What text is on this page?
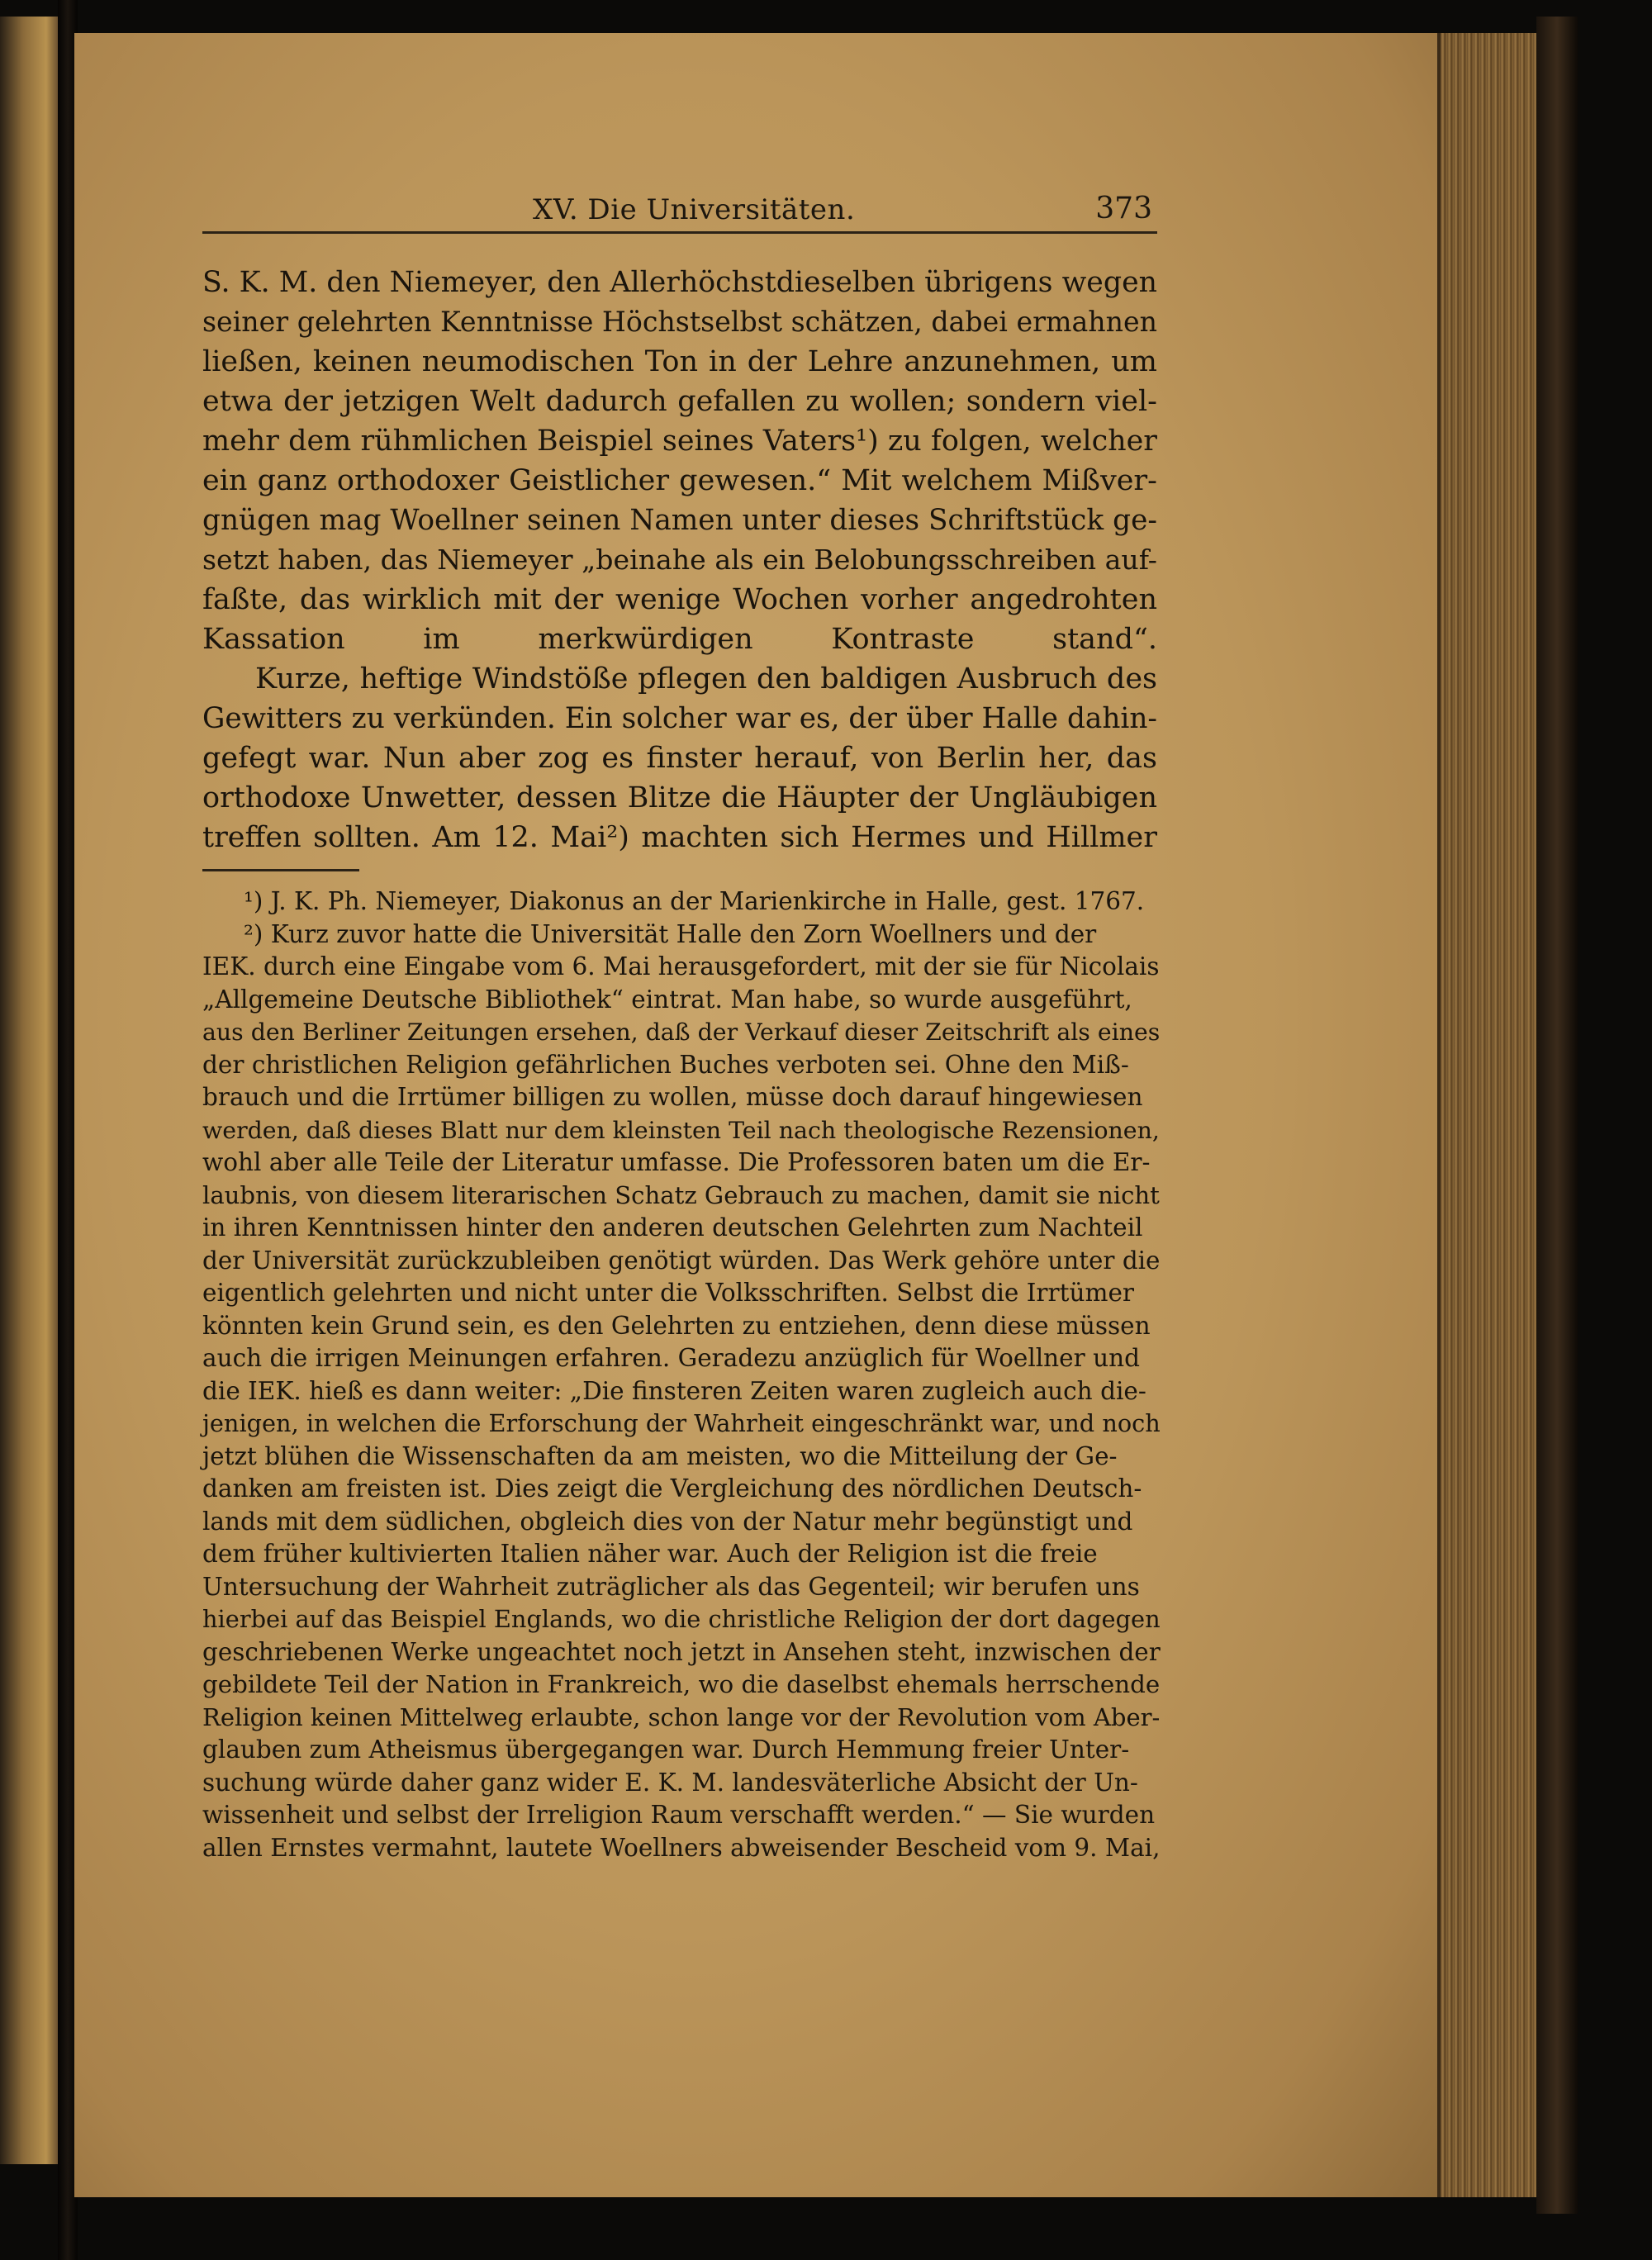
XV. Die Universitäten.	373

S. K. M. den Niemeyer, den Allerhöchstdieselben übrigens wegen
seiner gelehrten Kenntnisse Höchstselbst schätzen, dabei ermahnen
ließen, keinen neumodischen Ton in der Lehre anzunehmen, um
etwa der jetzigen Welt dadurch gefallen zu wollen; sondern viel-
mehr dem rühmlichen Beispiel seines Vaters¹) zu folgen, welcher
ein ganz orthodoxer Geistlicher gewesen.“ Mit welchem Mißver-
gnügen mag Woellner seinen Namen unter dieses Schriftstück ge-
setzt haben, das Niemeyer „beinahe als ein Belobungsschreiben auf-
faßte, das wirklich mit der wenige Wochen vorher angedrohten
Kassation im merkwürdigen Kontraste stand“.

Kurze, heftige Windstöße pflegen den baldigen Ausbruch des
Gewitters zu verkünden. Ein solcher war es, der über Halle dahin-
gefegt war. Nun aber zog es finster herauf, von Berlin her, das
orthodoxe Unwetter, dessen Blitze die Häupter der Ungläubigen
treffen sollten. Am 12. Mai²) machten sich Hermes und Hillmer

¹) J. K. Ph. Niemeyer, Diakonus an der Marienkirche in Halle, gest. 1767.
²) Kurz zuvor hatte die Universität Halle den Zorn Woellners und der
IEK. durch eine Eingabe vom 6. Mai herausgefordert, mit der sie für Nicolais
„Allgemeine Deutsche Bibliothek“ eintrat. Man habe, so wurde ausgeführt,
aus den Berliner Zeitungen ersehen, daß der Verkauf dieser Zeitschrift als eines
der christlichen Religion gefährlichen Buches verboten sei. Ohne den Miß-
brauch und die Irrtümer billigen zu wollen, müsse doch darauf hingewiesen
werden, daß dieses Blatt nur dem kleinsten Teil nach theologische Rezensionen,
wohl aber alle Teile der Literatur umfasse. Die Professoren baten um die Er-
laubnis, von diesem literarischen Schatz Gebrauch zu machen, damit sie nicht
in ihren Kenntnissen hinter den anderen deutschen Gelehrten zum Nachteil
der Universität zurückzubleiben genötigt würden. Das Werk gehöre unter die
eigentlich gelehrten und nicht unter die Volksschriften. Selbst die Irrtümer
könnten kein Grund sein, es den Gelehrten zu entziehen, denn diese müssen
auch die irrigen Meinungen erfahren. Geradezu anzüglich für Woellner und
die IEK. hieß es dann weiter: „Die finsteren Zeiten waren zugleich auch die-
jenigen, in welchen die Erforschung der Wahrheit eingeschränkt war, und noch
jetzt blühen die Wissenschaften da am meisten, wo die Mitteilung der Ge-
danken am freisten ist. Dies zeigt die Vergleichung des nördlichen Deutsch-
lands mit dem südlichen, obgleich dies von der Natur mehr begünstigt und
dem früher kultivierten Italien näher war. Auch der Religion ist die freie
Untersuchung der Wahrheit zuträglicher als das Gegenteil; wir berufen uns
hierbei auf das Beispiel Englands, wo die christliche Religion der dort dagegen
geschriebenen Werke ungeachtet noch jetzt in Ansehen steht, inzwischen der
gebildete Teil der Nation in Frankreich, wo die daselbst ehemals herrschende
Religion keinen Mittelweg erlaubte, schon lange vor der Revolution vom Aber-
glauben zum Atheismus übergegangen war. Durch Hemmung freier Unter-
suchung würde daher ganz wider E. K. M. landesväterliche Absicht der Un-
wissenheit und selbst der Irreligion Raum verschafft werden.“ — Sie wurden
allen Ernstes vermahnt, lautete Woellners abweisender Bescheid vom 9. Mai,
